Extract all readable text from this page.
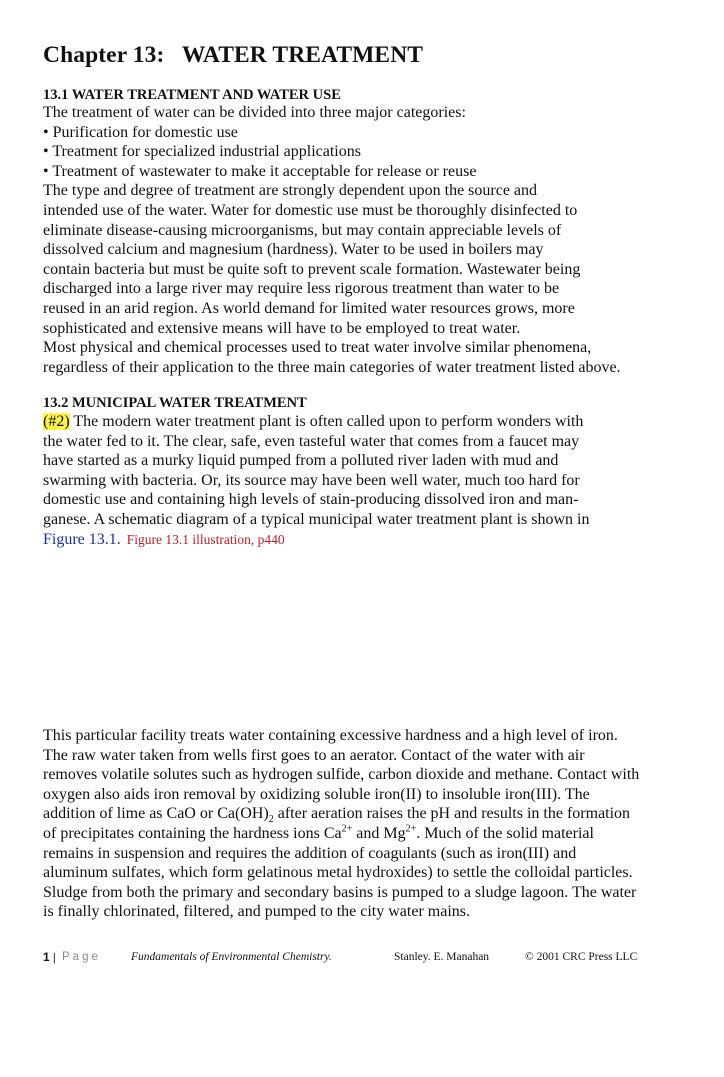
Chapter 13:   WATER TREATMENT
13.1 WATER TREATMENT AND WATER USE
The treatment of water can be divided into three major categories:
• Purification for domestic use
• Treatment for specialized industrial applications
• Treatment of wastewater to make it acceptable for release or reuse
The type and degree of treatment are strongly dependent upon the source and
intended use of the water. Water for domestic use must be thoroughly disinfected to
eliminate disease-causing microorganisms, but may contain appreciable levels of
dissolved calcium and magnesium (hardness). Water to be used in boilers may
contain bacteria but must be quite soft to prevent scale formation. Wastewater being
discharged into a large river may require less rigorous treatment than water to be
reused in an arid region. As world demand for limited water resources grows, more
sophisticated and extensive means will have to be employed to treat water.
Most physical and chemical processes used to treat water involve similar phenomena,
regardless of their application to the three main categories of water treatment listed above.
13.2 MUNICIPAL WATER TREATMENT
(#2) The modern water treatment plant is often called upon to perform wonders with
the water fed to it. The clear, safe, even tasteful water that comes from a faucet may
have started as a murky liquid pumped from a polluted river laden with mud and
swarming with bacteria. Or, its source may have been well water, much too hard for
domestic use and containing high levels of stain-producing dissolved iron and man-
ganese. A schematic diagram of a typical municipal water treatment plant is shown in
Figure 13.1. Figure 13.1 illustration, p440
This particular facility treats water containing excessive hardness and a high level of iron.
The raw water taken from wells first goes to an aerator. Contact of the water with air
removes volatile solutes such as hydrogen sulfide, carbon dioxide and methane. Contact with
oxygen also aids iron removal by oxidizing soluble iron(II) to insoluble iron(III). The
addition of lime as CaO or $Ca(OH)_2$ after aeration raises the pH and results in the formation
of precipitates containing the hardness ions $Ca^{2+}$ and $Mg^{2+}$. Much of the solid material
remains in suspension and requires the addition of coagulants (such as iron(III) and
aluminum sulfates, which form gelatinous metal hydroxides) to settle the colloidal particles.
Sludge from both the primary and secondary basins is pumped to a sludge lagoon. The water
is finally chlorinated, filtered, and pumped to the city water mains.

1

|

Page

	Fundamentals of Environmental Chemistry.

	Stanley. E. Manahan

	© 2001 CRC Press LLC
